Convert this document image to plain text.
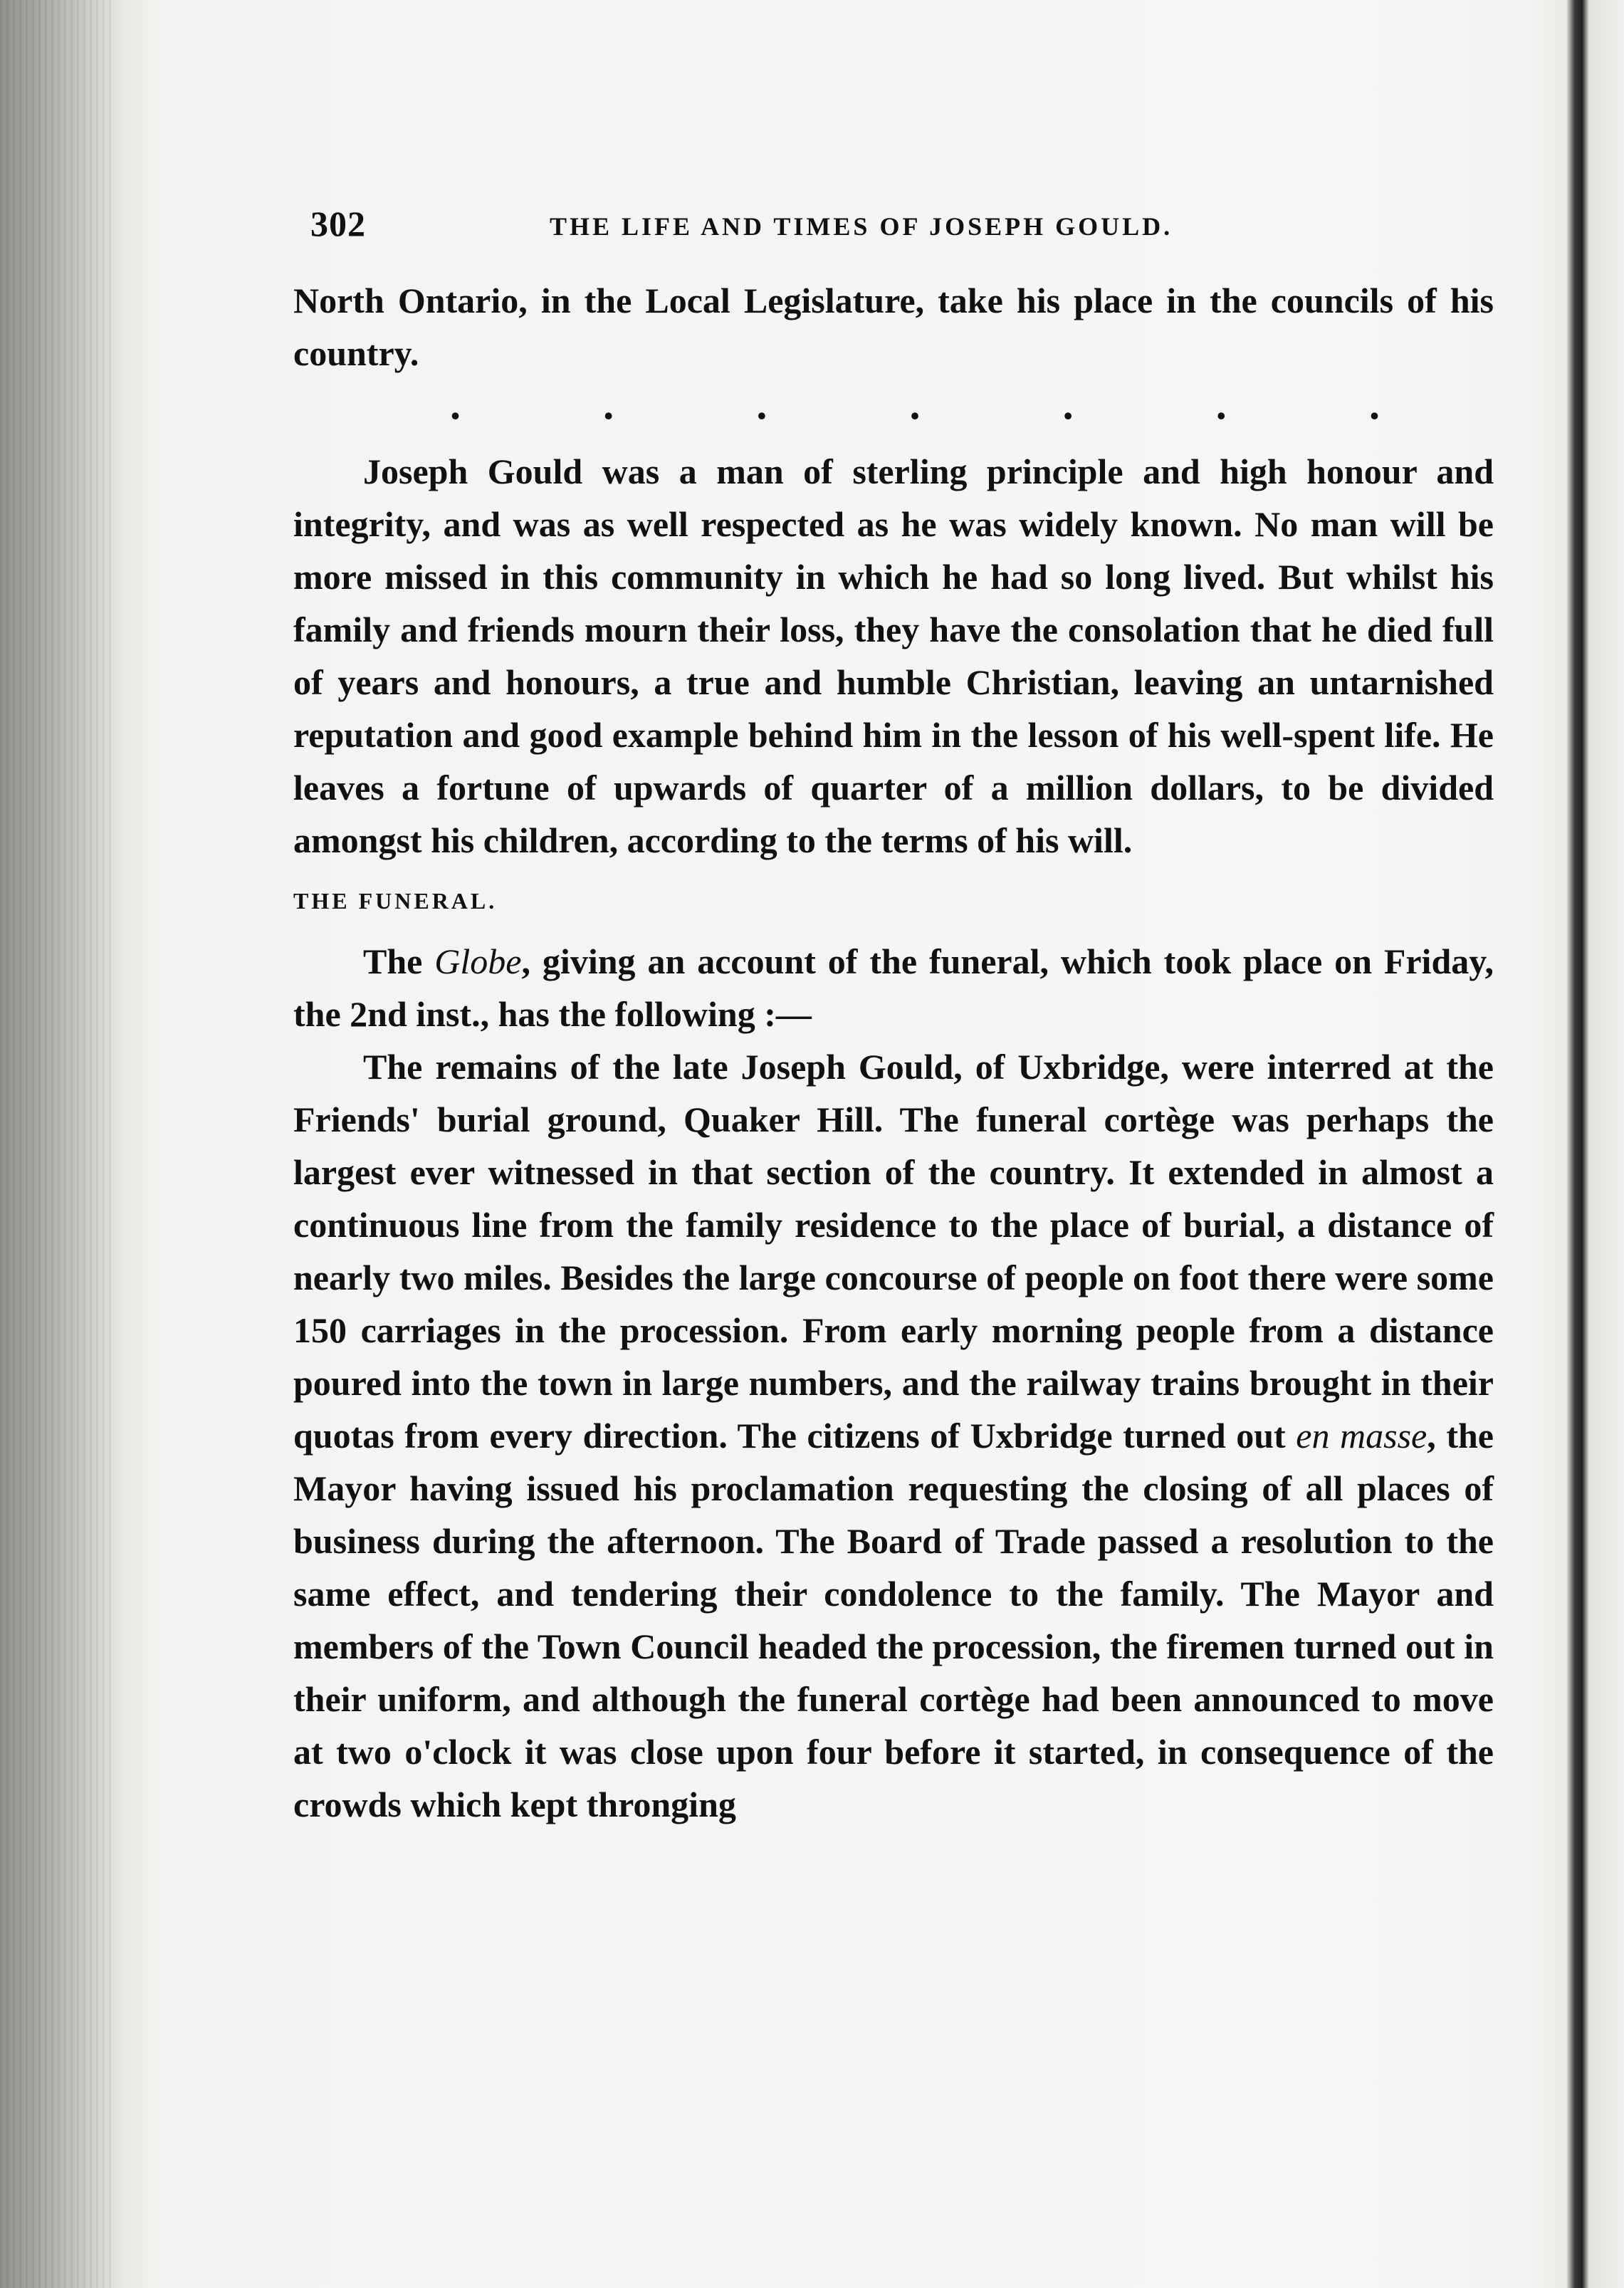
302	THE LIFE AND TIMES OF JOSEPH GOULD.

North Ontario, in the Local Legislature, take his place in the councils of his country.

.	.	.	.	.	.	.

Joseph Gould was a man of sterling principle and high honour and integrity, and was as well respected as he was widely known. No man will be more missed in this community in which he had so long lived. But whilst his family and friends mourn their loss, they have the consolation that he died full of years and honours, a true and humble Christian, leaving an untarnished reputation and good example behind him in the lesson of his well-spent life. He leaves a fortune of upwards of quarter of a million dollars, to be divided amongst his children, according to the terms of his will.

THE FUNERAL.

The Globe, giving an account of the funeral, which took place on Friday, the 2nd inst., has the following :—

The remains of the late Joseph Gould, of Uxbridge, were interred at the Friends' burial ground, Quaker Hill. The funeral cortège was perhaps the largest ever witnessed in that section of the country. It extended in almost a continuous line from the family residence to the place of burial, a distance of nearly two miles. Besides the large concourse of people on foot there were some 150 carriages in the procession. From early morning people from a distance poured into the town in large numbers, and the railway trains brought in their quotas from every direction. The citizens of Uxbridge turned out en masse, the Mayor having issued his proclamation requesting the closing of all places of business during the afternoon. The Board of Trade passed a resolution to the same effect, and tendering their condolence to the family. The Mayor and members of the Town Council headed the procession, the firemen turned out in their uniform, and although the funeral cortège had been announced to move at two o'clock it was close upon four before it started, in consequence of the crowds which kept thronging
